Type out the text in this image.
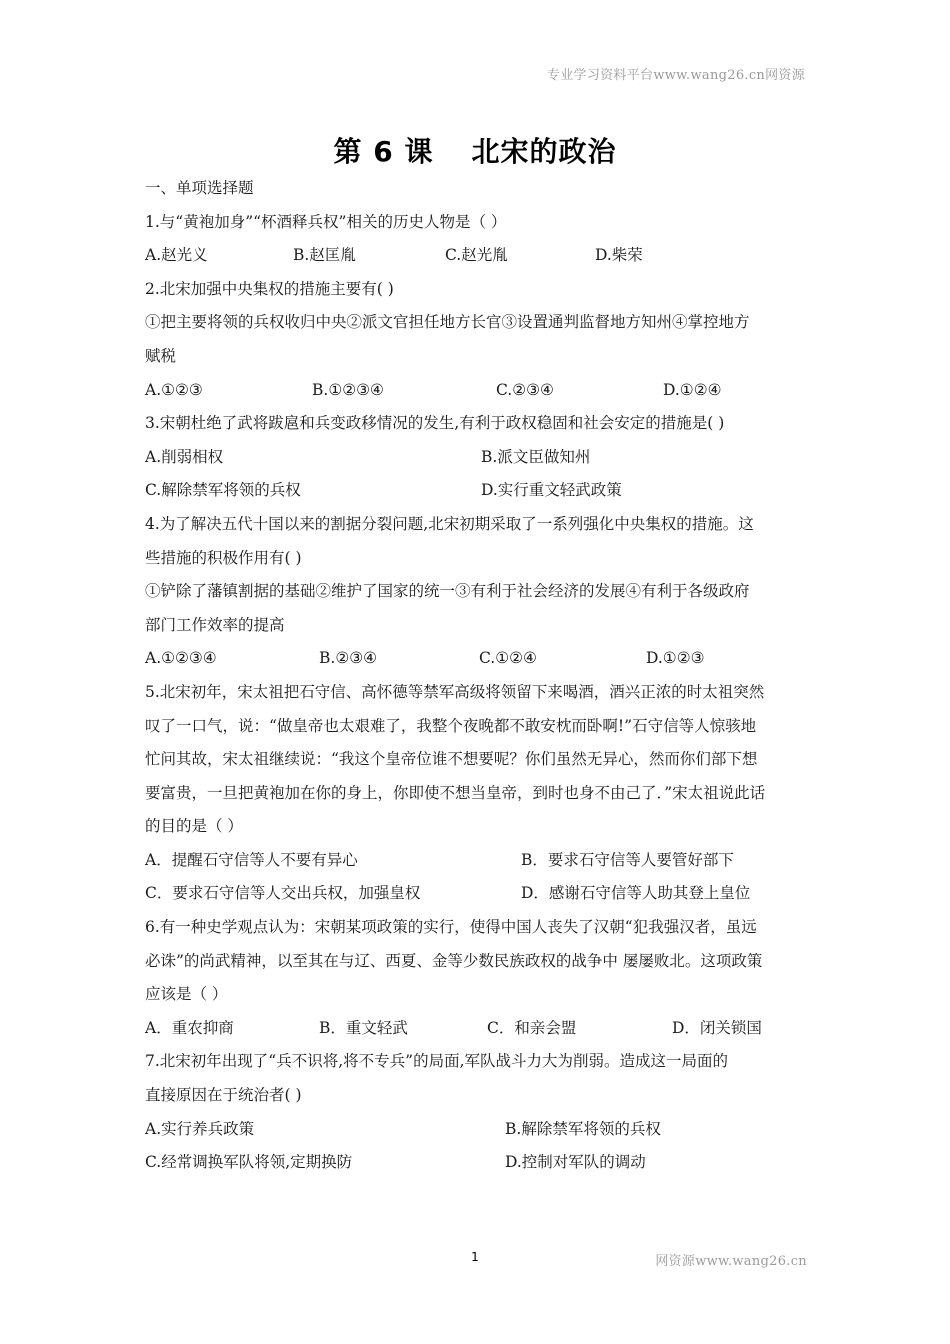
专业学习资料平台www.wang26.cn网资源
第 6 课 北宋的政治
一、单项选择题
1.与“黄袍加身”“杯酒释兵权”相关的历史人物是（ ）
A.赵光义	B.赵匡胤	C.赵光胤	D.柴荣
2.北宋加强中央集权的措施主要有( )
①把主要将领的兵权收归中央②派文官担任地方长官③设置通判监督地方知州④掌控地方
赋税
A.①②③	B.①②③④	C.②③④	D.①②④
3.宋朝杜绝了武将跋扈和兵变政移情况的发生,有利于政权稳固和社会安定的措施是( )
A.削弱相权	B.派文臣做知州
C.解除禁军将领的兵权	D.实行重文轻武政策
4.为了解决五代十国以来的割据分裂问题,北宋初期采取了一系列强化中央集权的措施。这
些措施的积极作用有( )
①铲除了藩镇割据的基础②维护了国家的统一③有利于社会经济的发展④有利于各级政府
部门工作效率的提高
A.①②③④	B.②③④	C.①②④	D.①②③
5.北宋初年，宋太祖把石守信、高怀德等禁军高级将领留下来喝酒，酒兴正浓的时太祖突然
叹了一口气，说：“做皇帝也太艰难了，我整个夜晚都不敢安枕而卧啊!”石守信等人惊骇地
忙问其故，宋太祖继续说：“我这个皇帝位谁不想要呢？你们虽然无异心，然而你们部下想
要富贵，一旦把黄袍加在你的身上，你即使不想当皇帝，到时也身不由己了．”宋太祖说此话
的目的是（ ）
A．提醒石守信等人不要有异心	B．要求石守信等人要管好部下
C．要求石守信等人交出兵权，加强皇权	D．感谢石守信等人助其登上皇位
6.有一种史学观点认为：宋朝某项政策的实行，使得中国人丧失了汉朝“犯我强汉者，虽远
必诛”的尚武精神，以至其在与辽、西夏、金等少数民族政权的战争中 屡屡败北。这项政策
应该是（ ）
A．重农抑商	B．重文轻武	C．和亲会盟	D．闭关锁国
7.北宋初年出现了“兵不识将,将不专兵”的局面,军队战斗力大为削弱。造成这一局面的
直接原因在于统治者( )
A.实行养兵政策	B.解除禁军将领的兵权
C.经常调换军队将领,定期换防	D.控制对军队的调动
1	网资源www.wang26.cn
